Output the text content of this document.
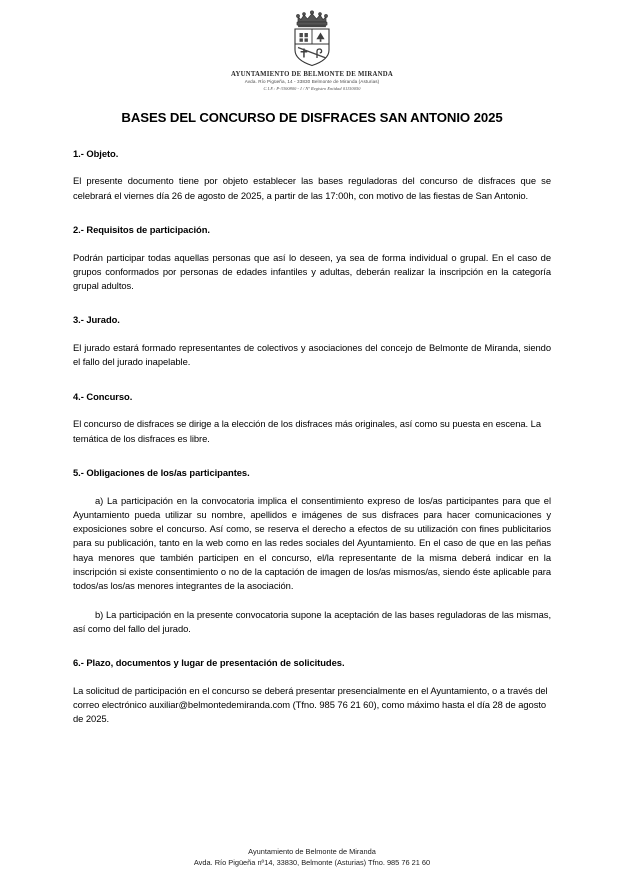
AYUNTAMIENTO DE BELMONTE DE MIRANDA
Avda. Río Pigüeña, 14 - 33830 Belmonte de Miranda (Asturias)
C.I.F.: P-3300800 - I / Nº Registro Entidad 01150050
BASES DEL CONCURSO DE DISFRACES SAN ANTONIO 2025
1.- Objeto.

El presente documento tiene por objeto establecer las bases reguladoras del concurso de disfraces que se celebrará el viernes día 26 de agosto de 2025, a partir de las 17:00h, con motivo de las fiestas de San Antonio.

2.- Requisitos de participación.

Podrán participar todas aquellas personas que así lo deseen, ya sea de forma individual o grupal. En el caso de grupos conformados por personas de edades infantiles y adultas, deberán realizar la inscripción en la categoría grupal adultos.

3.- Jurado.

El jurado estará formado representantes de colectivos y asociaciones del concejo de Belmonte de Miranda, siendo el fallo del jurado inapelable.

4.- Concurso.

El concurso de disfraces se dirige a la elección de los disfraces más originales, así como su puesta en escena. La temática de los disfraces es libre.

5.- Obligaciones de los/as participantes.

a) La participación en la convocatoria implica el consentimiento expreso de los/as participantes para que el Ayuntamiento pueda utilizar su nombre, apellidos e imágenes de sus disfraces para hacer comunicaciones y exposiciones sobre el concurso. Así como, se reserva el derecho a efectos de su utilización con fines publicitarios para su publicación, tanto en la web como en las redes sociales del Ayuntamiento. En el caso de que en las peñas haya menores que también participen en el concurso, el/la representante de la misma deberá indicar en la inscripción si existe consentimiento o no de la captación de imagen de los/as mismos/as, siendo éste aplicable para todos/as los/as menores integrantes de la asociación.

b) La participación en la presente convocatoria supone la aceptación de las bases reguladoras de las mismas, así como del fallo del jurado.

6.- Plazo, documentos y lugar de presentación de solicitudes.

La solicitud de participación en el concurso se deberá presentar presencialmente en el Ayuntamiento, o a través del correo electrónico auxiliar@belmontedemiranda.com (Tfno. 985 76 21 60), como máximo hasta el día 28 de agosto de 2025.

Ayuntamiento de Belmonte de Miranda
Avda. Río Pigüeña nº14, 33830, Belmonte (Asturias) Tfno. 985 76 21 60
